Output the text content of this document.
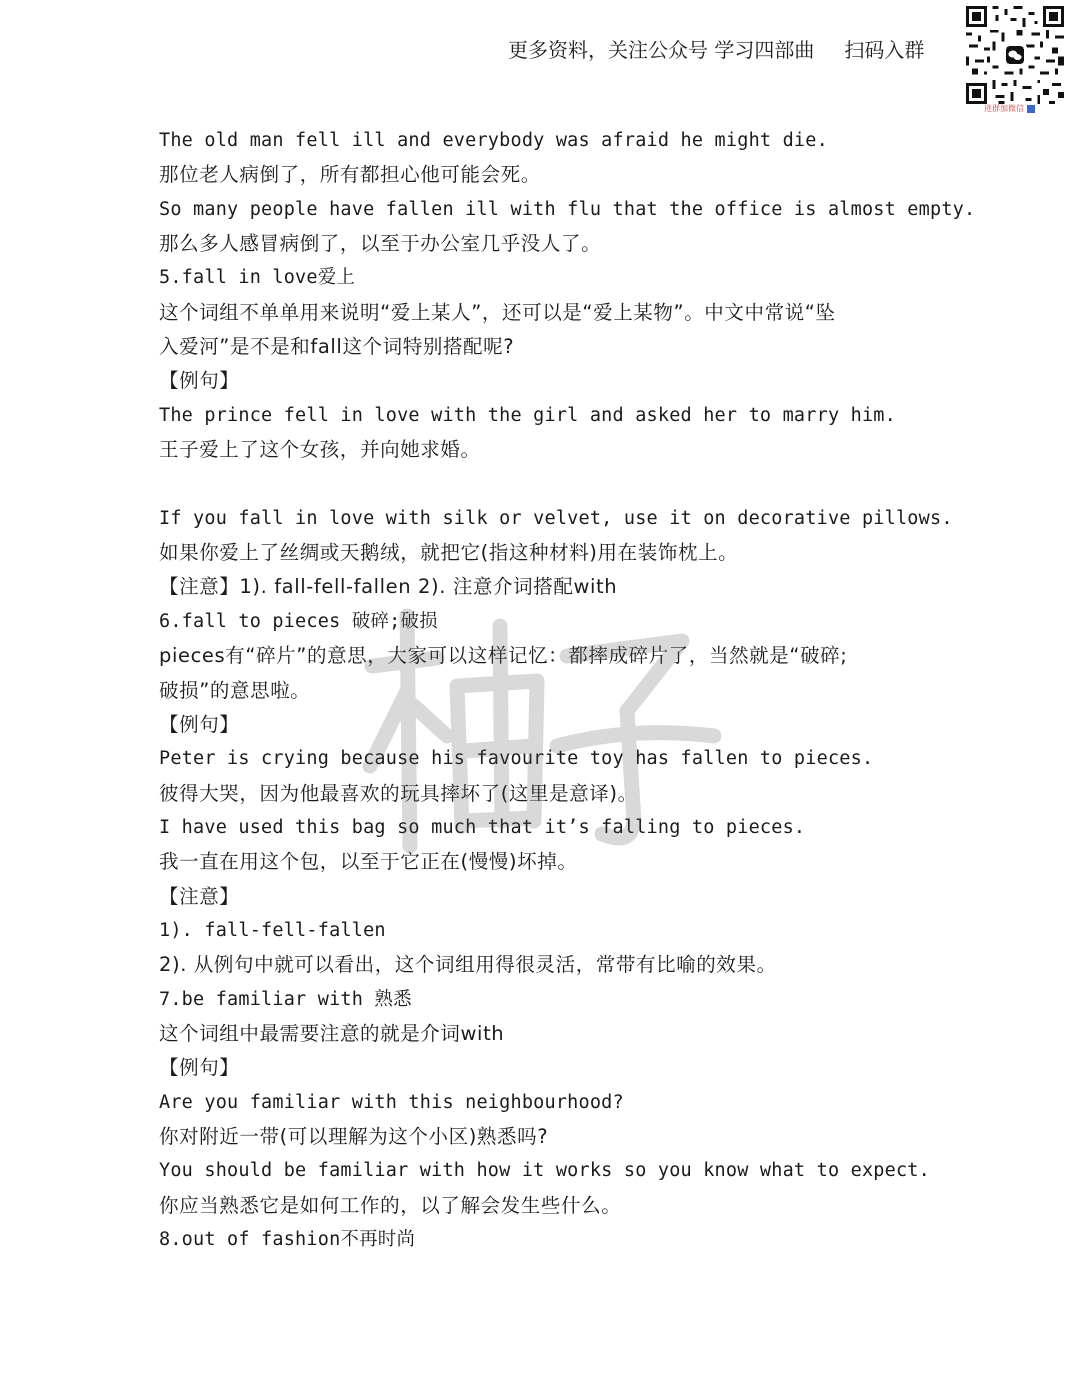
更多资料，关注公众号 学习四部曲 扫码入群
进群加微信
The old man fell ill and everybody was afraid he might die.
那位老人病倒了，所有都担心他可能会死。
So many people have fallen ill with flu that the office is almost empty.
那么多人感冒病倒了，以至于办公室几乎没人了。
5.fall in love爱上
这个词组不单单用来说明“爱上某人”，还可以是“爱上某物”。中文中常说“坠
入爱河”是不是和fall这个词特别搭配呢?
【例句】
The prince fell in love with the girl and asked her to marry him.
王子爱上了这个女孩，并向她求婚。
If you fall in love with silk or velvet, use it on decorative pillows.
如果你爱上了丝绸或天鹅绒，就把它(指这种材料)用在装饰枕上。
【注意】1). fall-fell-fallen 2). 注意介词搭配with
6.fall to pieces 破碎;破损
pieces有“碎片”的意思，大家可以这样记忆：都摔成碎片了，当然就是“破碎;
破损”的意思啦。
【例句】
Peter is crying because his favourite toy has fallen to pieces.
彼得大哭，因为他最喜欢的玩具摔坏了(这里是意译)。
I have used this bag so much that it’s falling to pieces.
我一直在用这个包，以至于它正在(慢慢)坏掉。
【注意】
1). fall-fell-fallen
2). 从例句中就可以看出，这个词组用得很灵活，常带有比喻的效果。
7.be familiar with 熟悉
这个词组中最需要注意的就是介词with
【例句】
Are you familiar with this neighbourhood?
你对附近一带(可以理解为这个小区)熟悉吗?
You should be familiar with how it works so you know what to expect.
你应当熟悉它是如何工作的，以了解会发生些什么。
8.out of fashion不再时尚
